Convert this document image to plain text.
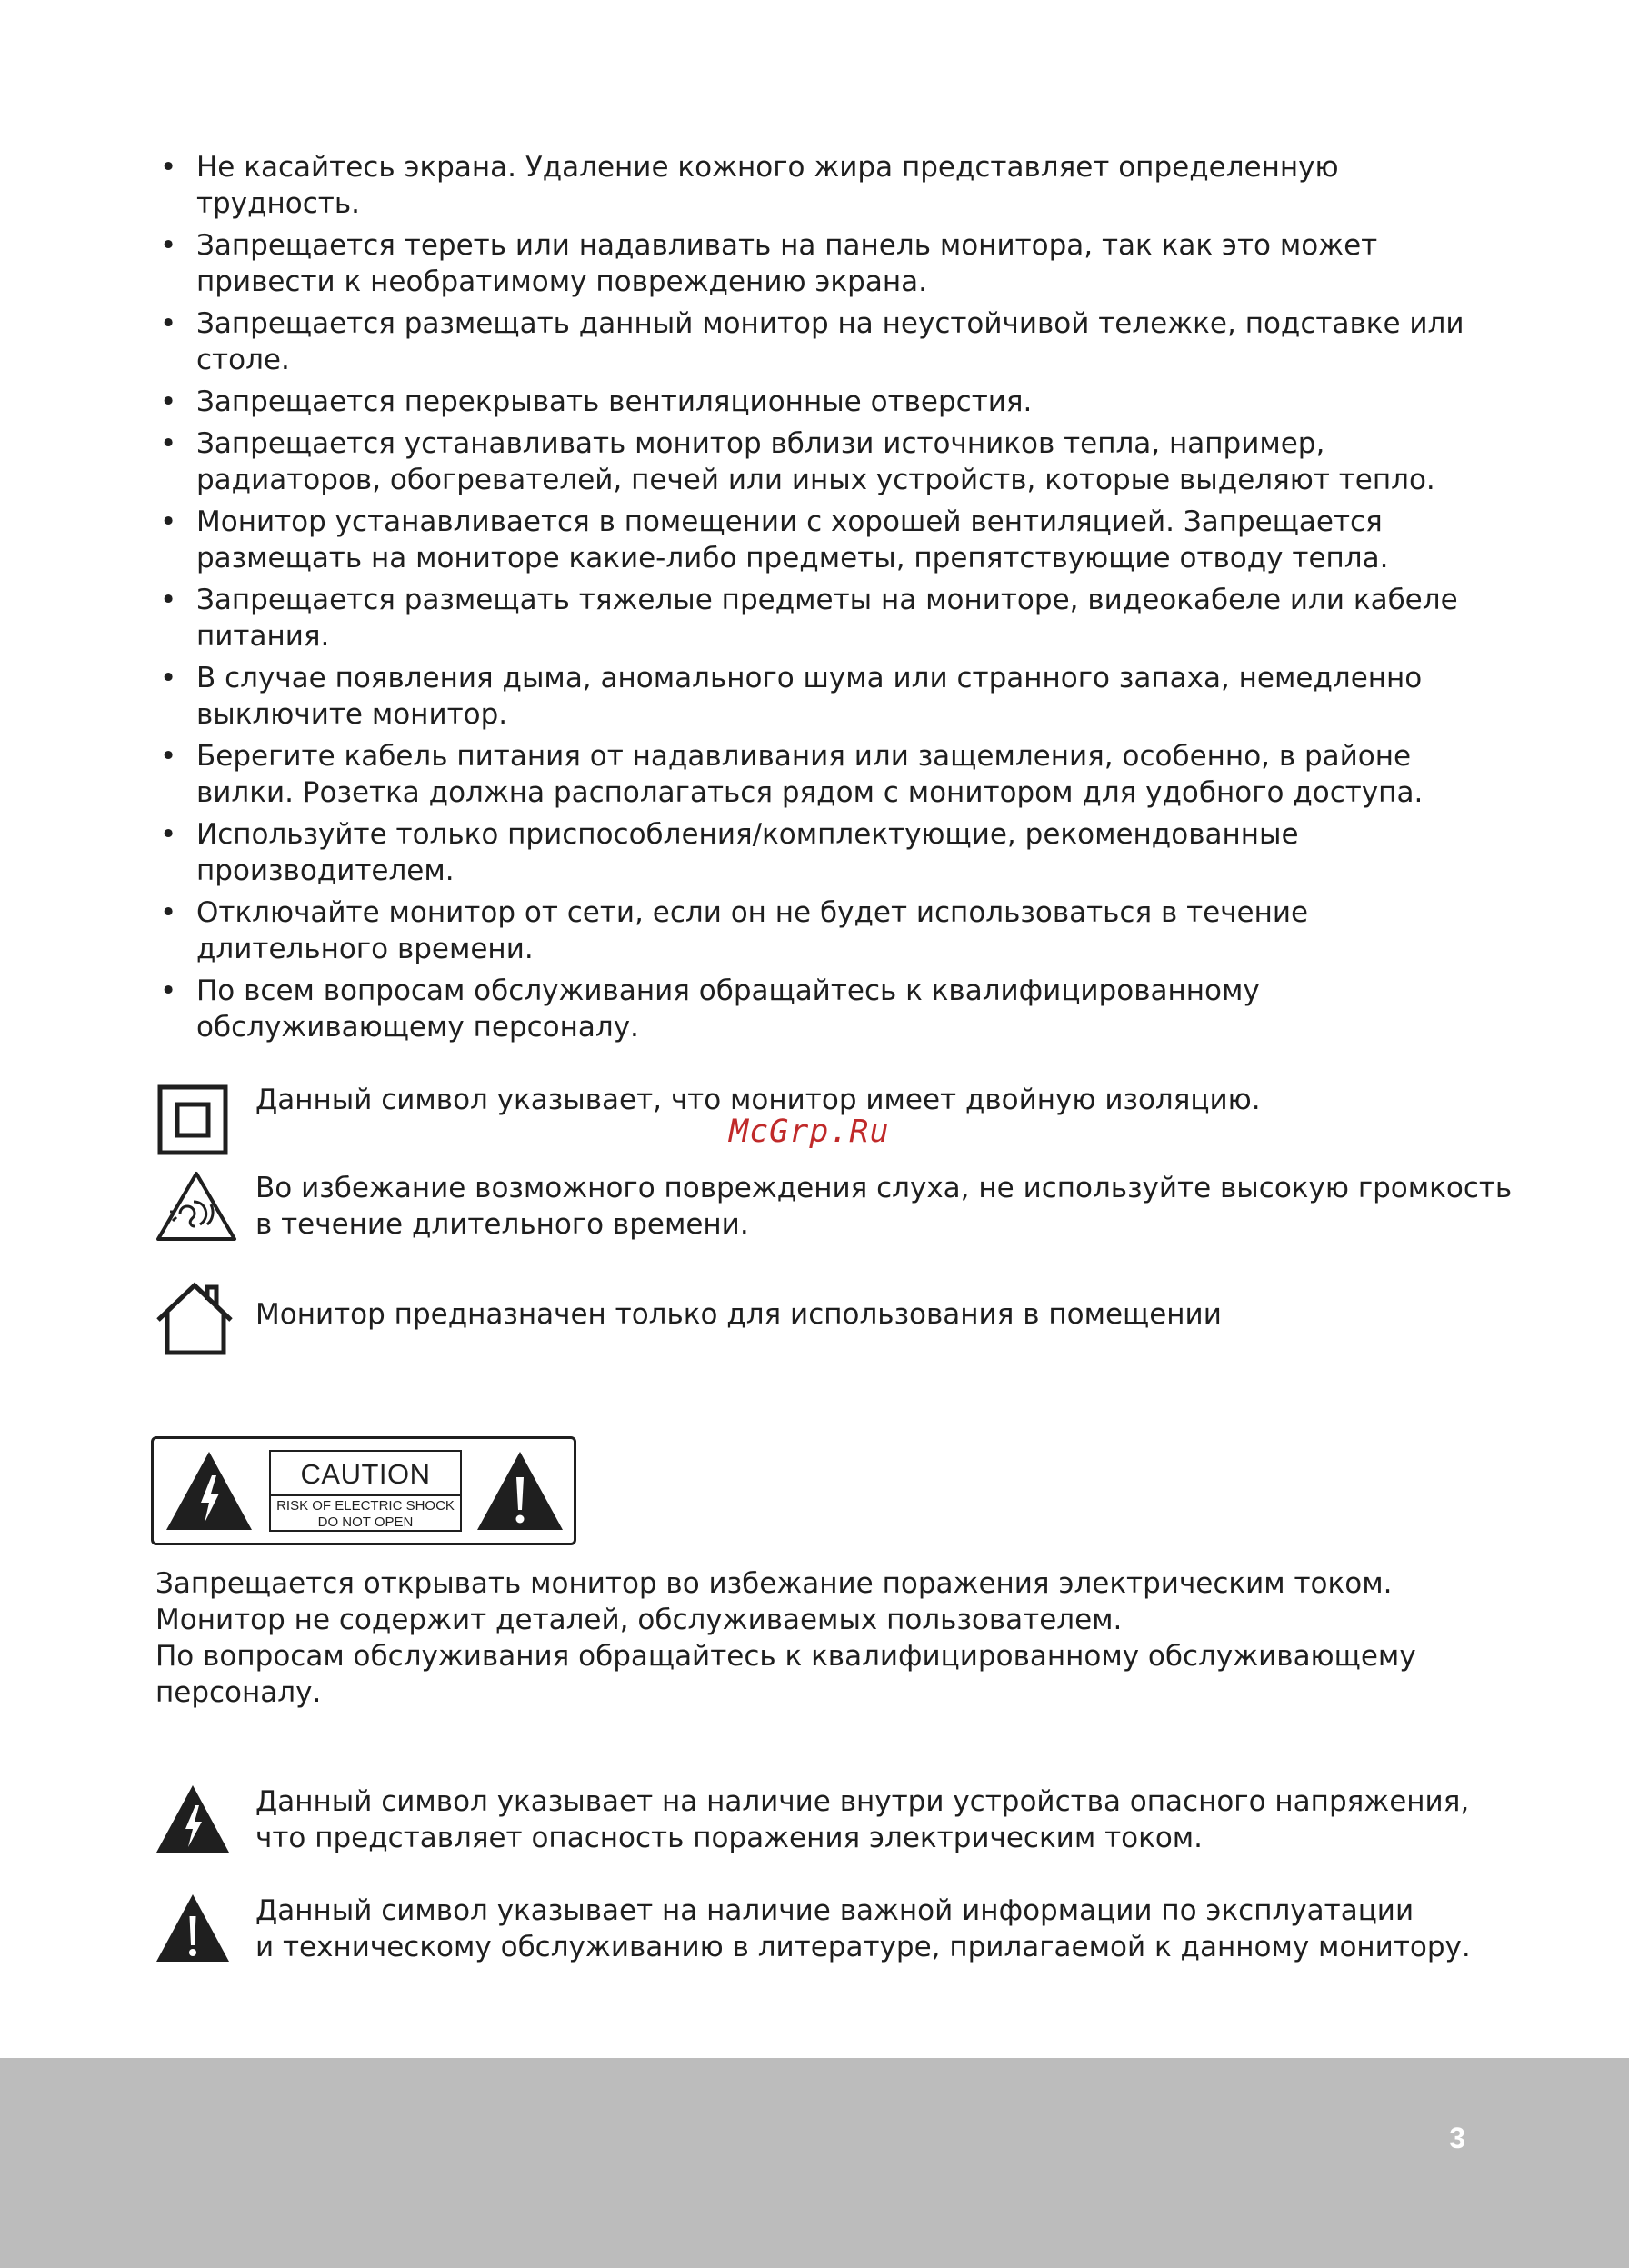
• Не касайтесь экрана. Удаление кожного жира представляет определенную трудность.
• Запрещается тереть или надавливать на панель монитора, так как это может привести к необратимому повреждению экрана.
• Запрещается размещать данный монитор на неустойчивой тележке, подставке или столе.
• Запрещается перекрывать вентиляционные отверстия.
• Запрещается устанавливать монитор вблизи источников тепла, например, радиаторов, обогревателей, печей или иных устройств, которые выделяют тепло.
• Монитор устанавливается в помещении с хорошей вентиляцией. Запрещается размещать на мониторе какие-либо предметы, препятствующие отводу тепла.
• Запрещается размещать тяжелые предметы на мониторе, видеокабеле или кабеле питания.
• В случае появления дыма, аномального шума или странного запаха, немедленно выключите монитор.
• Берегите кабель питания от надавливания или защемления, особенно, в районе вилки. Розетка должна располагаться рядом с монитором для удобного доступа.
• Используйте только приспособления/комплектующие, рекомендованные производителем.
• Отключайте монитор от сети, если он не будет использоваться в течение длительного времени.
• По всем вопросам обслуживания обращайтесь к квалифицированному обслуживающему персоналу.
Данный символ указывает, что монитор имеет двойную изоляцию.
McGrp.Ru
Во избежание возможного повреждения слуха, не используйте высокую громкость
в течение длительного времени.
Монитор предназначен только для использования в помещении
CAUTION
RISK OF ELECTRIC SHOCK
DO NOT OPEN
Запрещается открывать монитор во избежание поражения электрическим током.
Монитор не содержит деталей, обслуживаемых пользователем.
По вопросам обслуживания обращайтесь к квалифицированному обслуживающему персоналу.
Данный символ указывает на наличие внутри устройства опасного напряжения,
что представляет опасность поражения электрическим током.
Данный символ указывает на наличие важной информации по эксплуатации
и техническому обслуживанию в литературе, прилагаемой к данному монитору.
3
